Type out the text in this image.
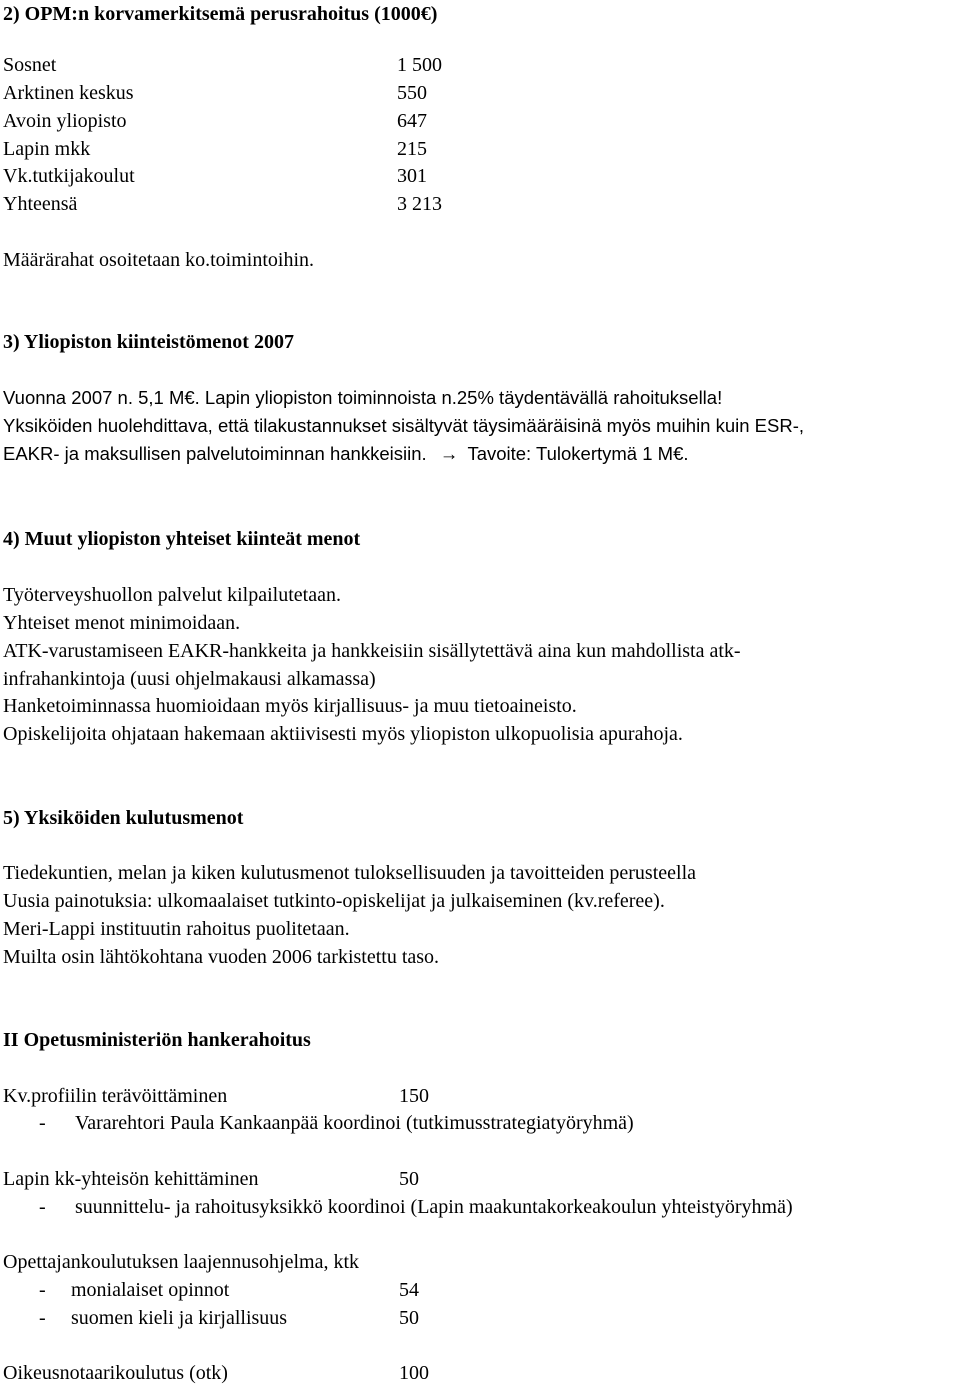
2) OPM:n korvamerkitsemä perusrahoitus (1000€)
Sosnet	1 500
Arktinen keskus	550
Avoin yliopisto	647
Lapin mkk	215
Vk.tutkijakoulut	301
Yhteensä	3 213
Määrärahat osoitetaan ko.toimintoihin.
3) Yliopiston kiinteistömenot 2007
Vuonna 2007 n. 5,1 M€. Lapin yliopiston toiminnoista n.25% täydentävällä rahoituksella!
Yksiköiden huolehdittava, että tilakustannukset sisältyvät täysimääräisinä myös muihin kuin ESR-,
EAKR- ja maksullisen palvelutoiminnan hankkeisiin. → Tavoite: Tulokertymä 1 M€.
4) Muut yliopiston yhteiset kiinteät menot
Työterveyshuollon palvelut kilpailutetaan.
Yhteiset menot minimoidaan.
ATK-varustamiseen EAKR-hankkeita ja hankkeisiin sisällytettävä aina kun mahdollista atk-
infrahankintoja (uusi ohjelmakausi alkamassa)
Hanketoiminnassa huomioidaan myös kirjallisuus- ja muu tietoaineisto.
Opiskelijoita ohjataan hakemaan aktiivisesti myös yliopiston ulkopuolisia apurahoja.
5) Yksiköiden kulutusmenot
Tiedekuntien, melan ja kiken kulutusmenot tuloksellisuuden ja tavoitteiden perusteella
Uusia painotuksia: ulkomaalaiset tutkinto-opiskelijat ja julkaiseminen (kv.referee).
Meri-Lappi instituutin rahoitus puolitetaan.
Muilta osin lähtökohtana vuoden 2006 tarkistettu taso.
II Opetusministeriön hankerahoitus
Kv.profiilin terävöittäminen	150
- Vararehtori Paula Kankaanpää koordinoi (tutkimusstrategiatyöryhmä)
Lapin kk-yhteisön kehittäminen	50
- suunnittelu- ja rahoitusyksikkö koordinoi (Lapin maakuntakorkeakoulun yhteistyöryhmä)
Opettajankoulutuksen laajennusohjelma, ktk
- monialaiset opinnot	54
- suomen kieli ja kirjallisuus	50
Oikeusnotaarikoulutus (otk)	100
